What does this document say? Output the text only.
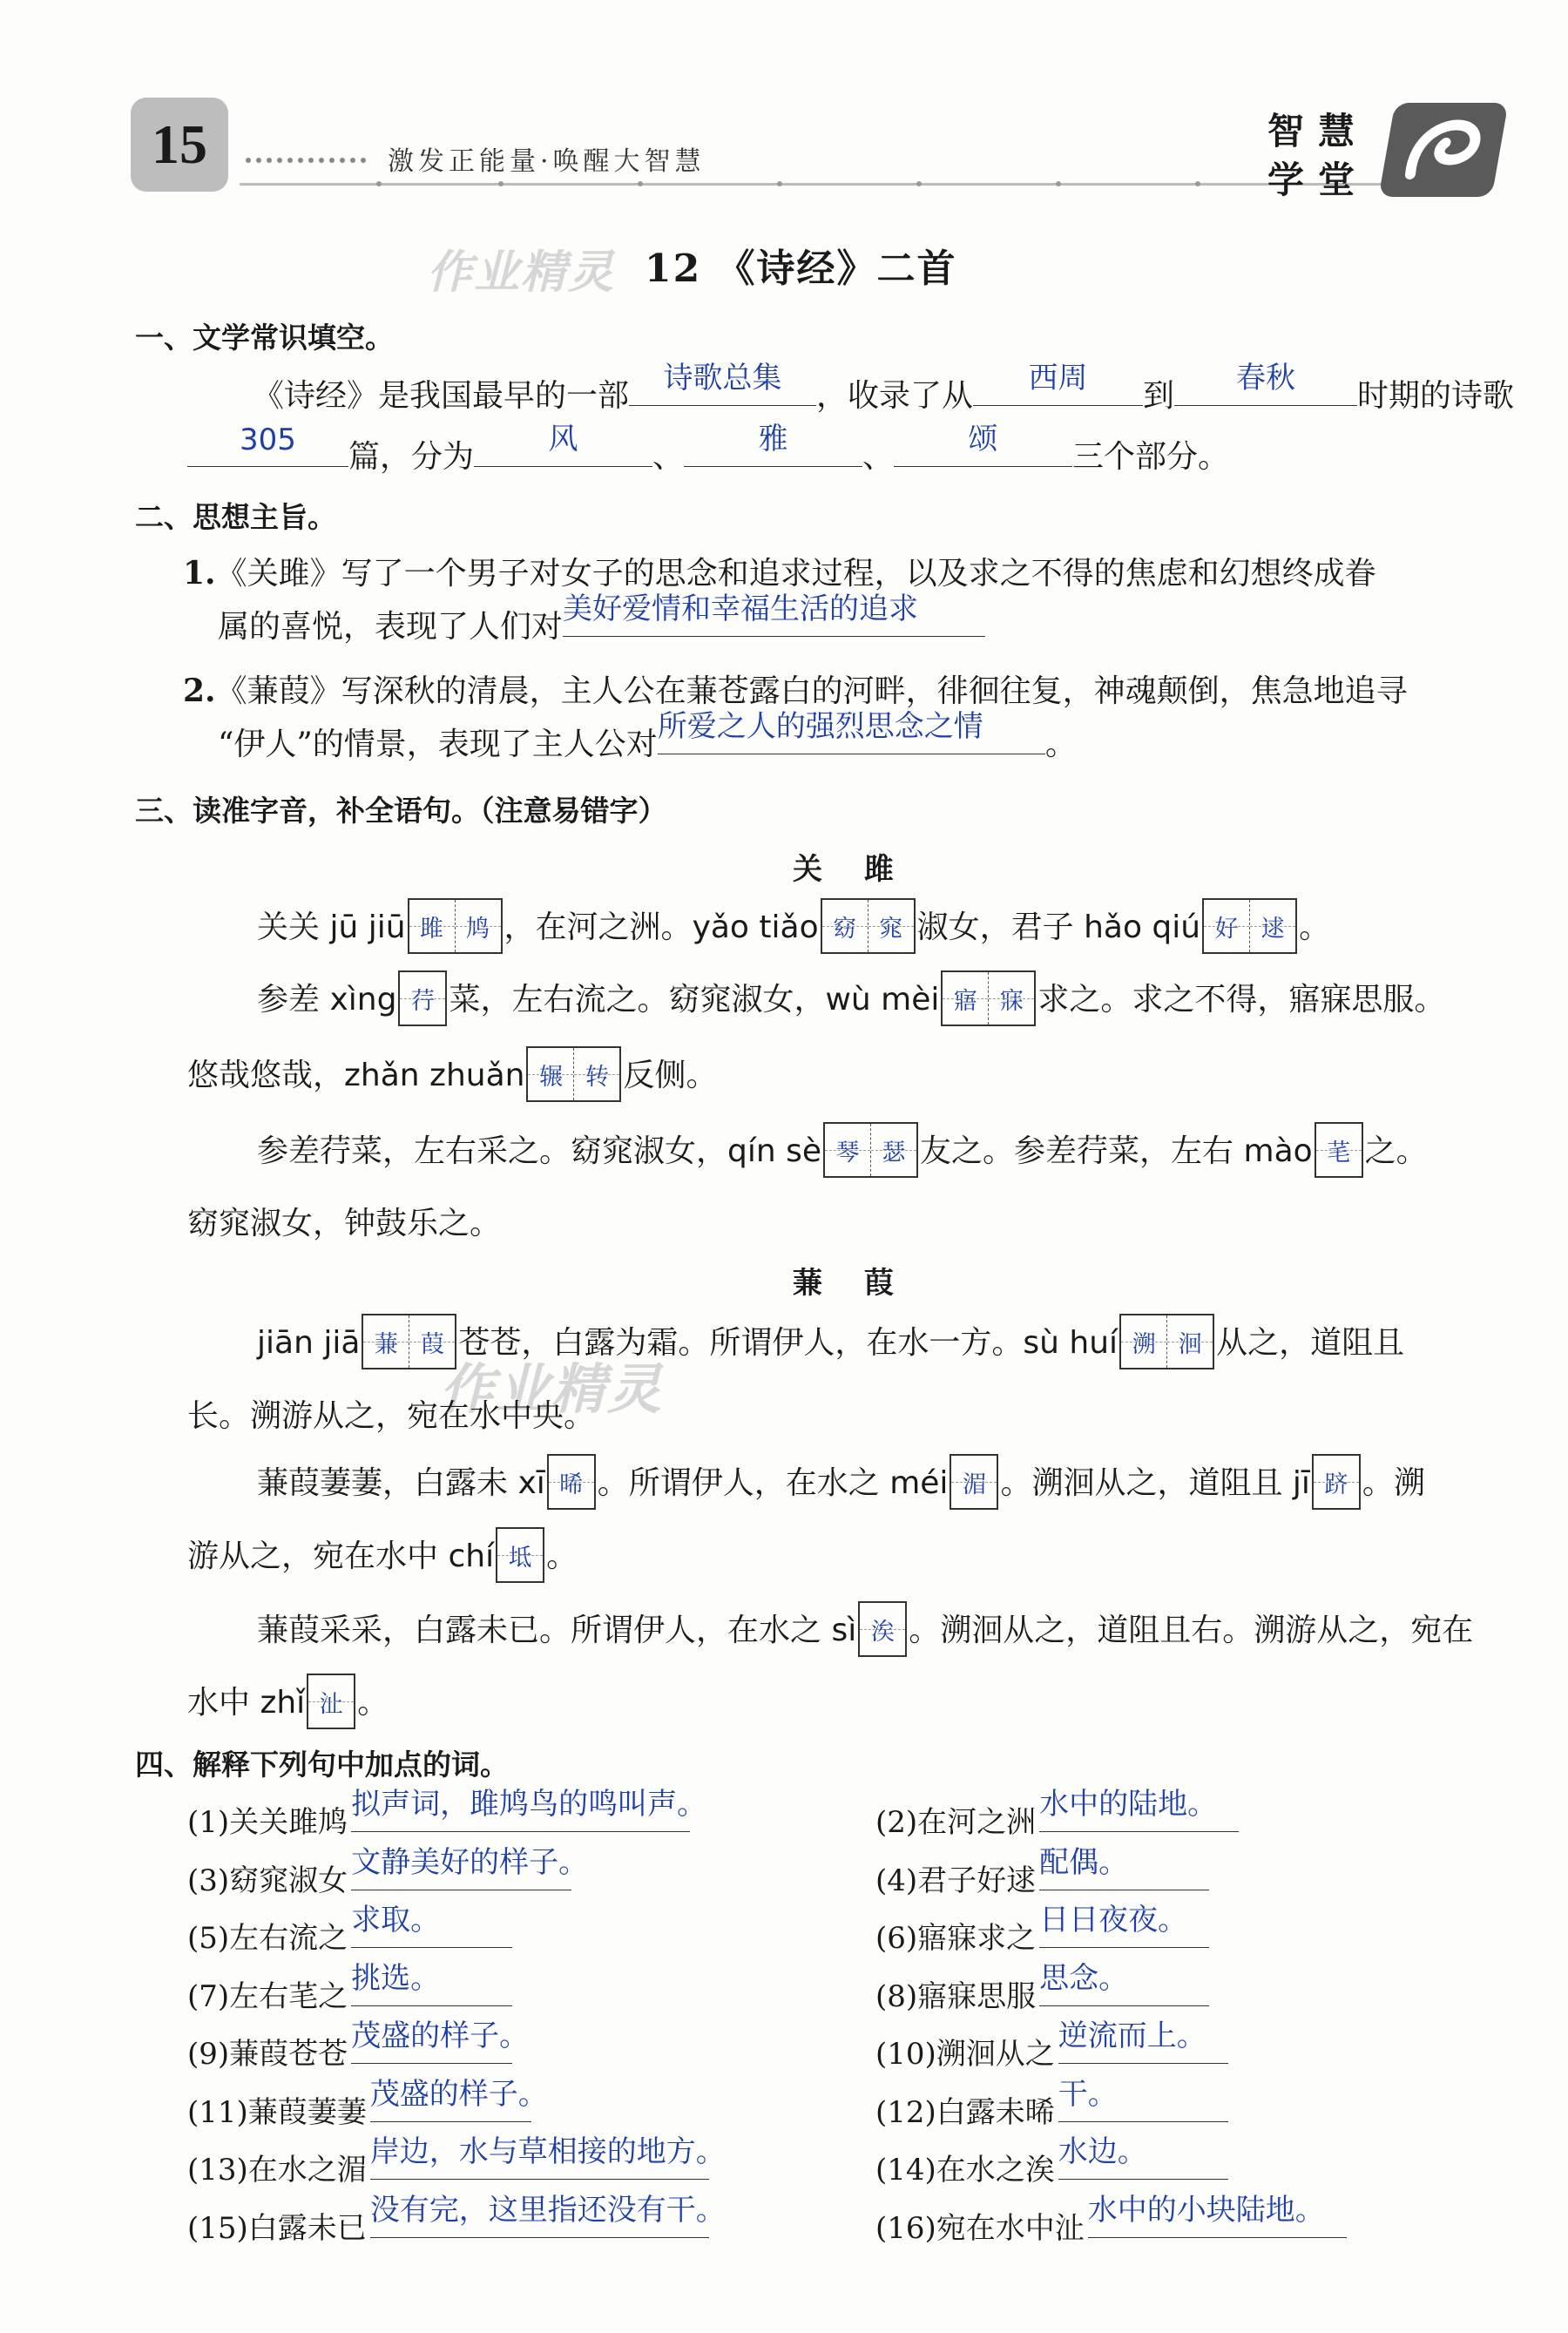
15	激发正能量·唤醒大智慧
智 慧
学 堂
作业精灵
作业精灵
12 《诗经》二首
一、文学常识填空。
《诗经》是我国最早的一部	诗歌总集	，收录了从	西周	到	春秋	时期的诗歌
305	篇，分为	风	、	雅	、	颂	三个部分。
二、思想主旨。
1.《关雎》写了一个男子对女子的思念和追求过程，以及求之不得的焦虑和幻想终成眷
属的喜悦，表现了人们对 美好爱情和幸福生活的追求
2.《蒹葭》写深秋的清晨，主人公在蒹苍露白的河畔，徘徊往复，神魂颠倒，焦急地追寻
“伊人”的情景，表现了主人公对 所爱之人的强烈思念之情	。
三、读准字音，补全语句。（注意易错字）
关 雎
关关 jū jiū 雎 鸠 ，在河之洲。yǎo tiǎo 窈 窕 淑女，君子 hǎo qiú 好 逑 。
参差 xìng 荇 菜，左右流之。窈窕淑女，wù mèi 寤 寐 求之。求之不得，寤寐思服。
悠哉悠哉，zhǎn zhuǎn 辗 转 反侧。
参差荇菜，左右采之。窈窕淑女，qín sè 琴 瑟 友之。参差荇菜，左右 mào 芼 之。
窈窕淑女，钟鼓乐之。
蒹 葭
jiān jiā 蒹 葭 苍苍，白露为霜。所谓伊人，在水一方。sù huí 溯 洄 从之，道阻且
长。溯游从之，宛在水中央。
蒹葭萋萋，白露未 xī 晞 。所谓伊人，在水之 méi 湄 。溯洄从之，道阻且 jī 跻 。溯
游从之，宛在水中 chí 坻 。
蒹葭采采，白露未已。所谓伊人，在水之 sì 涘 。溯洄从之，道阻且右。溯游从之，宛在
水中 zhǐ 沚 。
四、解释下列句中加点的词。
(1)关关雎鸠
拟声词，雎鸠鸟的鸣叫声。
(2)在河之洲
水中的陆地。
(3)窈窕淑女
文静美好的样子。
(4)君子好逑
配偶。
(5)左右流之
求取。
(6)寤寐求之
日日夜夜。
(7)左右芼之
挑选。
(8)寤寐思服
思念。
(9)蒹葭苍苍
茂盛的样子。
(10)溯洄从之
逆流而上。
(11)蒹葭萋萋
茂盛的样子。
(12)白露未晞
干。
(13)在水之湄
岸边，水与草相接的地方。
(14)在水之涘
水边。
(15)白露未已
没有完，这里指还没有干。
(16)宛在水中沚
水中的小块陆地。
